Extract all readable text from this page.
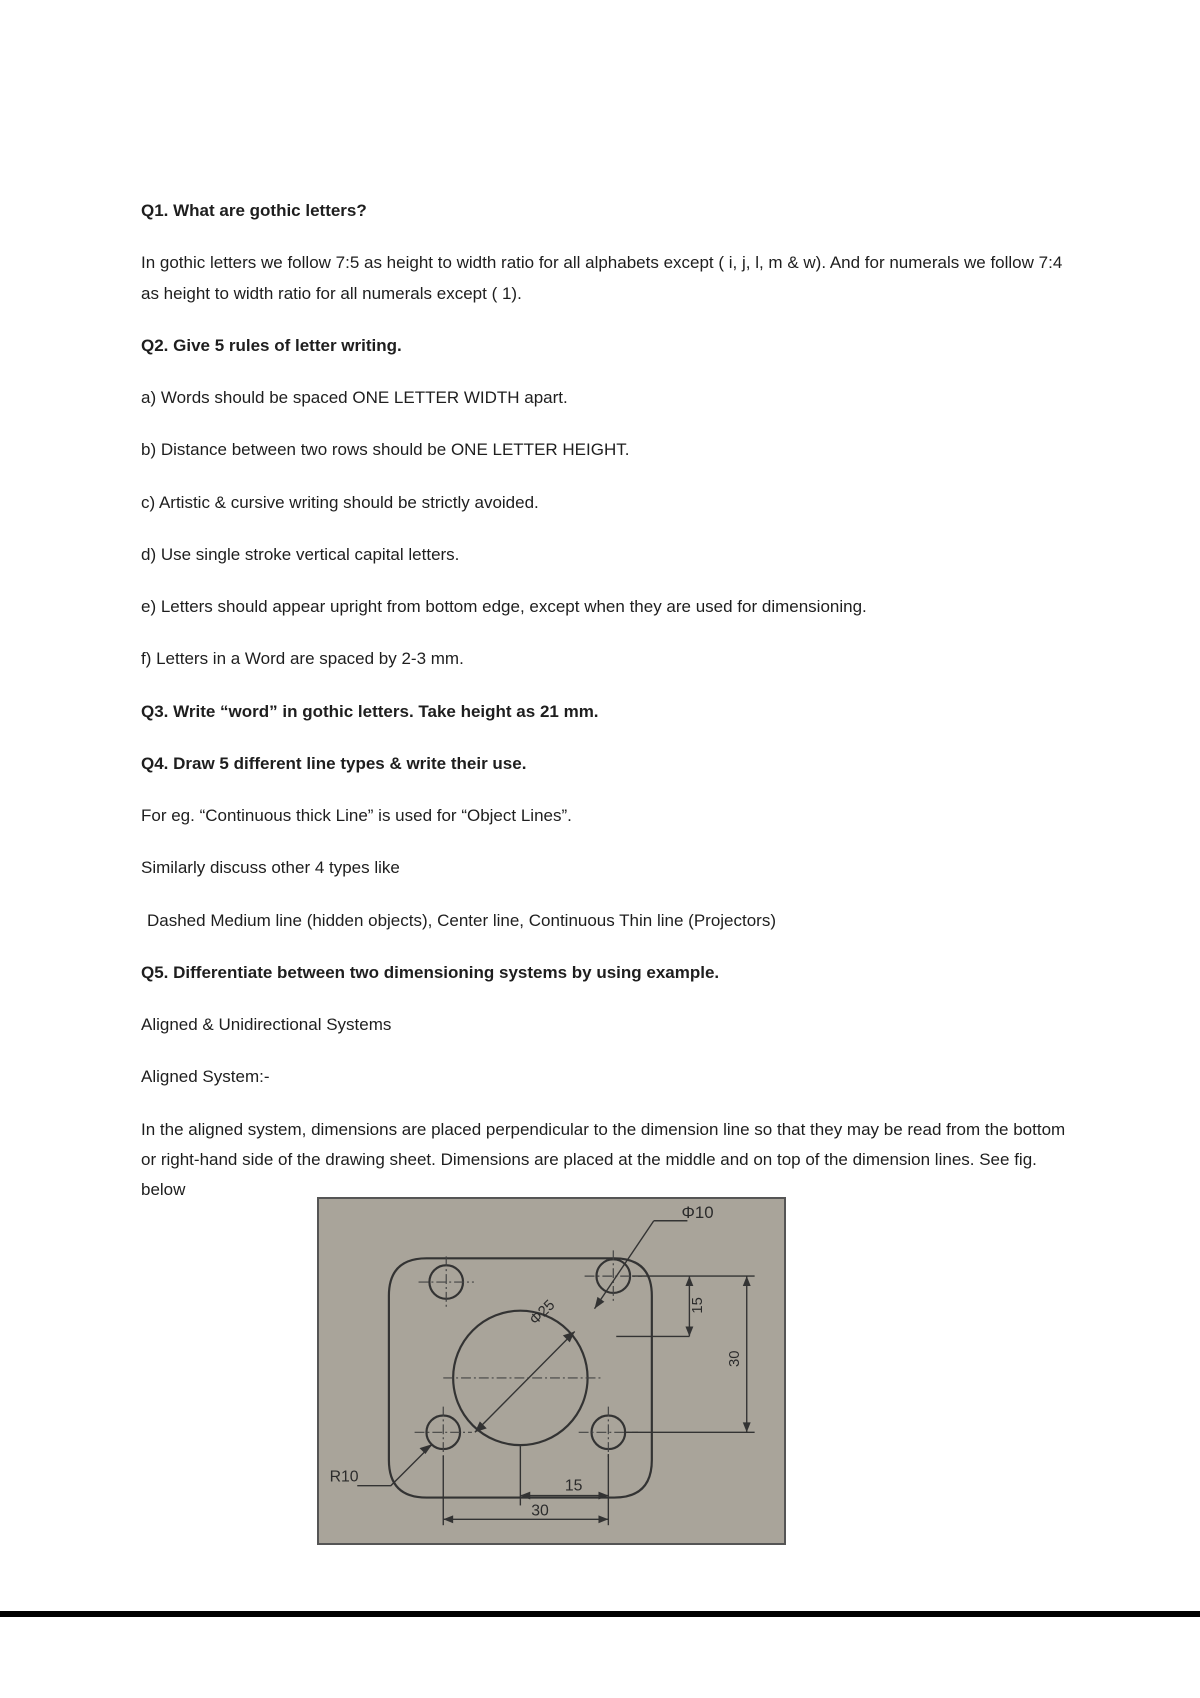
Q1. What are gothic letters?
In gothic letters we follow 7:5 as height to width ratio for all alphabets except ( i, j, l, m & w). And for numerals we follow 7:4 as height to width ratio for all numerals except ( 1).
Q2. Give 5 rules of letter writing.
a) Words should be spaced ONE LETTER WIDTH apart.
b) Distance between two rows should be ONE LETTER HEIGHT.
c) Artistic & cursive writing should be strictly avoided.
d) Use single stroke vertical capital letters.
e) Letters should appear upright from bottom edge, except when they are used for dimensioning.
f) Letters in a Word are spaced by 2-3 mm.
Q3. Write “word” in gothic letters. Take height as 21 mm.
Q4. Draw 5 different line types & write their use.
For eg. “Continuous thick Line” is used for “Object Lines”.
Similarly discuss other 4 types like
Dashed Medium line (hidden objects), Center line, Continuous Thin line (Projectors)
Q5. Differentiate between two dimensioning systems by using example.
Aligned & Unidirectional Systems
Aligned System:-
In the aligned system, dimensions are placed perpendicular to the dimension line so that they may be read from the bottom or right-hand side of the drawing sheet. Dimensions are placed at the middle and on top of the dimension lines. See fig. below
Φ10
Φ25
R10
15
30
15
30
